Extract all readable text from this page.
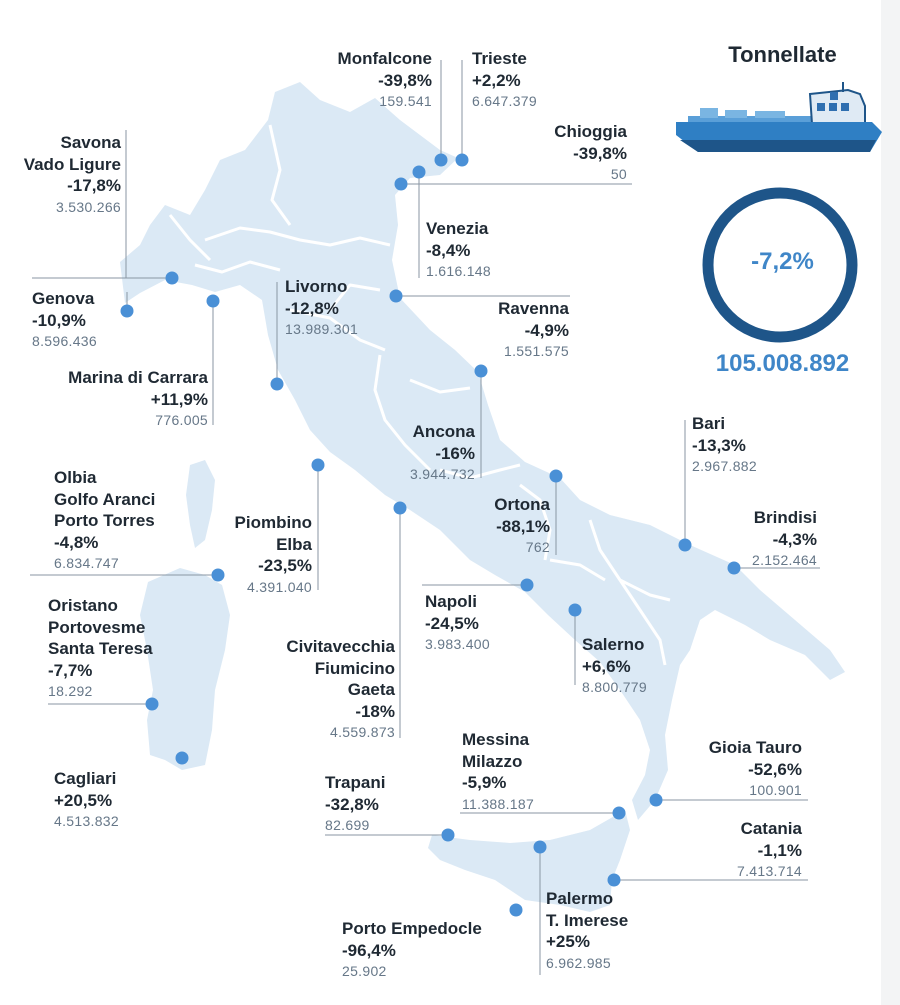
Tonnellate
-7,2%
105.008.892
Monfalcone
-39,8%
159.541
Trieste
+2,2%
6.647.379
Chioggia
-39,8%
50
Venezia
-8,4%
1.616.148
Savona
Vado Ligure
-17,8%
3.530.266
Genova
-10,9%
8.596.436
Livorno
-12,8%
13.989.301
Ravenna
-4,9%
1.551.575
Marina di Carrara
+11,9%
776.005
Ancona
-16%
3.944.732
Bari
-13,3%
2.967.882
Olbia
Golfo Aranci
Porto Torres
-4,8%
6.834.747
Piombino
Elba
-23,5%
4.391.040
Ortona
-88,1%
762
Brindisi
-4,3%
2.152.464
Oristano
Portovesme
Santa Teresa
-7,7%
18.292
Napoli
-24,5%
3.983.400	Salerno
+6,6%
8.800.779
Civitavecchia
Fiumicino
Gaeta
-18%
4.559.873
Cagliari
+20,5%
4.513.832
Messina
Milazzo
-5,9%
11.388.187
Gioia Tauro
-52,6%
100.901
Trapani
-32,8%
82.699	Catania
-1,1%
7.413.714
Palermo
T. Imerese
+25%
6.962.985
Porto Empedocle
-96,4%
25.902
